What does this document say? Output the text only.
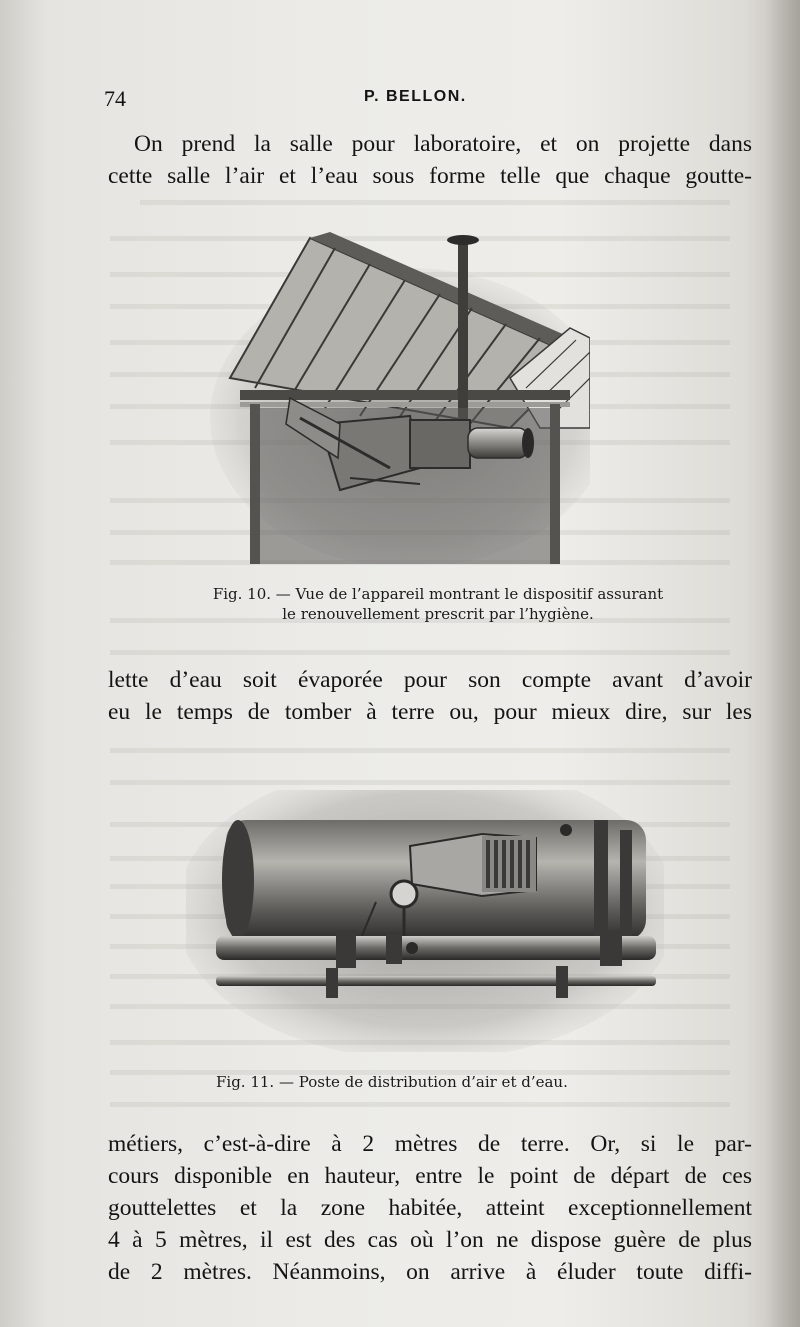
74	P. BELLON.
On prend la salle pour laboratoire, et on projette dans
cette salle l’air et l’eau sous forme telle que chaque goutte-
Fig. 10. — Vue de l’appareil montrant le dispositif assurant
le renouvellement prescrit par l’hygiène.
lette d’eau soit évaporée pour son compte avant d’avoir
eu le temps de tomber à terre ou, pour mieux dire, sur les
Fig. 11. — Poste de distribution d’air et d’eau.
métiers, c’est-à-dire à 2 mètres de terre. Or, si le par-
cours disponible en hauteur, entre le point de départ de ces
gouttelettes et la zone habitée, atteint exceptionnellement
4 à 5 mètres, il est des cas où l’on ne dispose guère de plus
de 2 mètres. Néanmoins, on arrive à éluder toute diffi-
